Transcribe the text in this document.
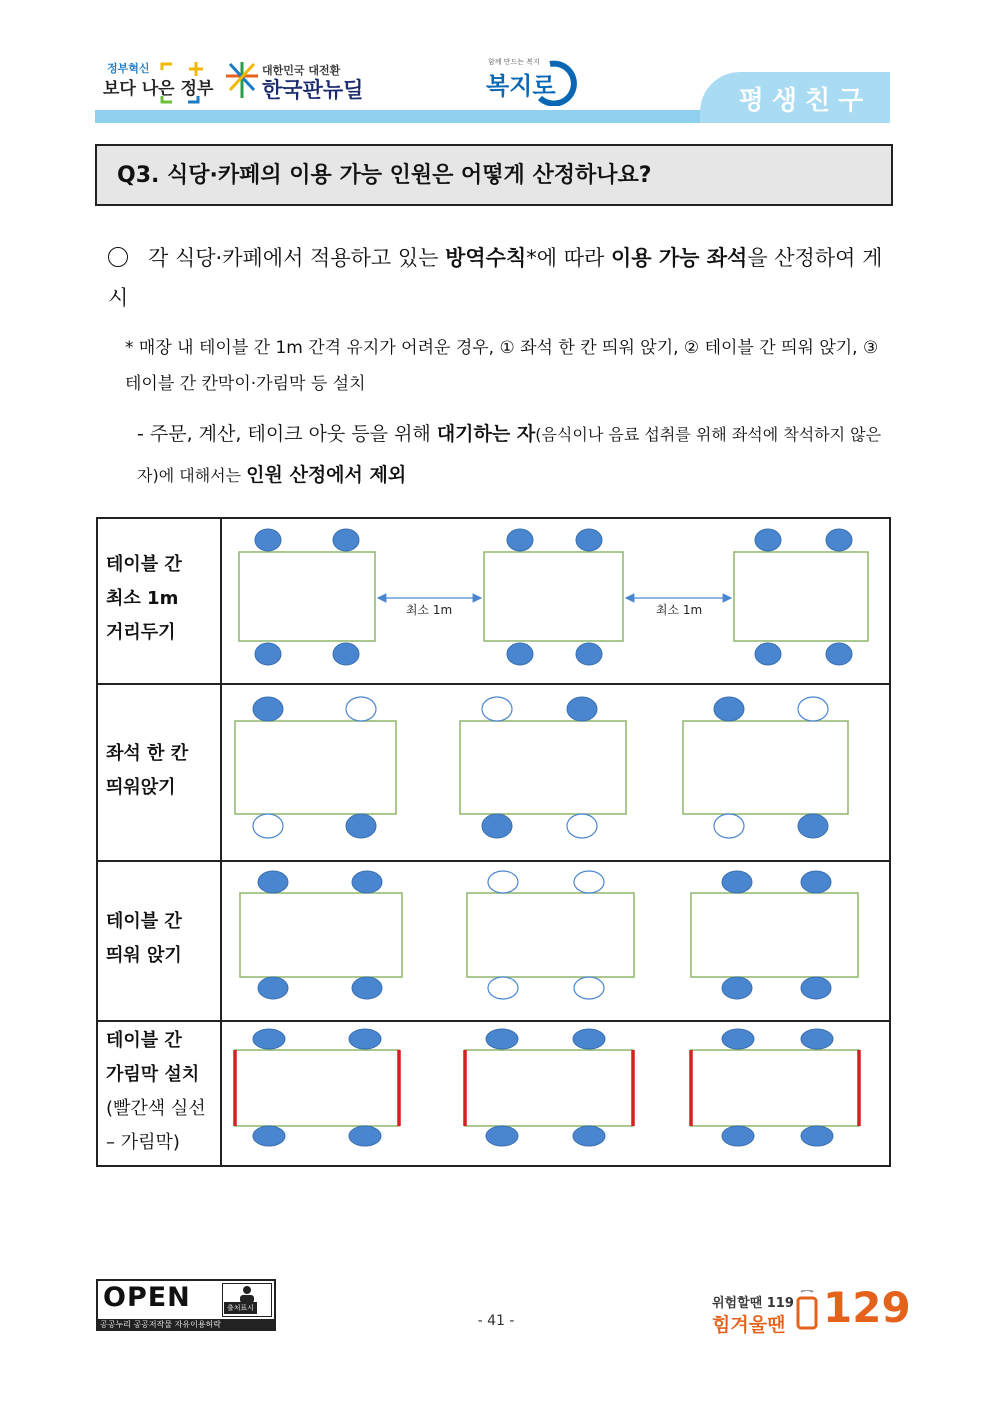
정부혁신
보다 나은 정부
대한민국 대전환
한국판뉴딜
함께 만드는 복지
복지로	평생친구
Q3. 식당·카페의 이용 가능 인원은 어떻게 산정하나요?
각 식당·카페에서 적용하고 있는 방역수칙*에 따라 이용 가능 좌석을 산정하여 게시
* 매장 내 테이블 간 1m 간격 유지가 어려운 경우, ① 좌석 한 칸 띄워 앉기, ② 테이블 간 띄워 앉기, ③ 테이블 간 칸막이·가림막 등 설치
- 주문, 계산, 테이크 아웃 등을 위해 대기하는 자(음식이나 음료 섭취를 위해 좌석에 착석하지 않은 자)에 대해서는 인원 산정에서 제외
테이블 간
최소 1m
거리두기
좌석 한 칸
띄워앉기
테이블 간
띄워 앉기
테이블 간
가림막 설치
(빨간색 실선
– 가림막)
최소 1m	최소 1m
OPEN	출처표시
공공누리 공공저작물 자유이용허락	- 41 -
위험할땐 119
힘겨울땐 129
